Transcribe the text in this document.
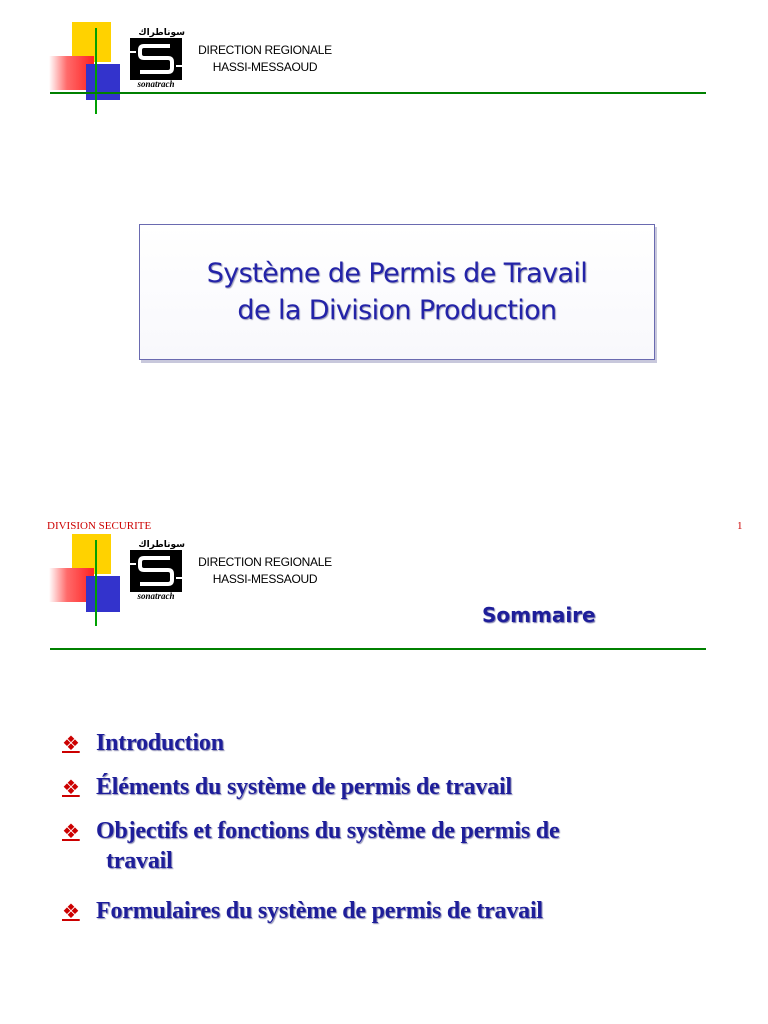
سوناطراك
sonatrach
DIRECTION REGIONALE
HASSI-MESSAOUD
Système de Permis de Travail
de la Division Production
DIVISION SECURITE	1
سوناطراك
sonatrach
DIRECTION REGIONALE
HASSI-MESSAOUD
Sommaire
❖ Introduction
❖ Éléments du système de permis de travail
❖ Objectifs et fonctions du système de permis de
travail
❖ Formulaires du système de permis de travail
